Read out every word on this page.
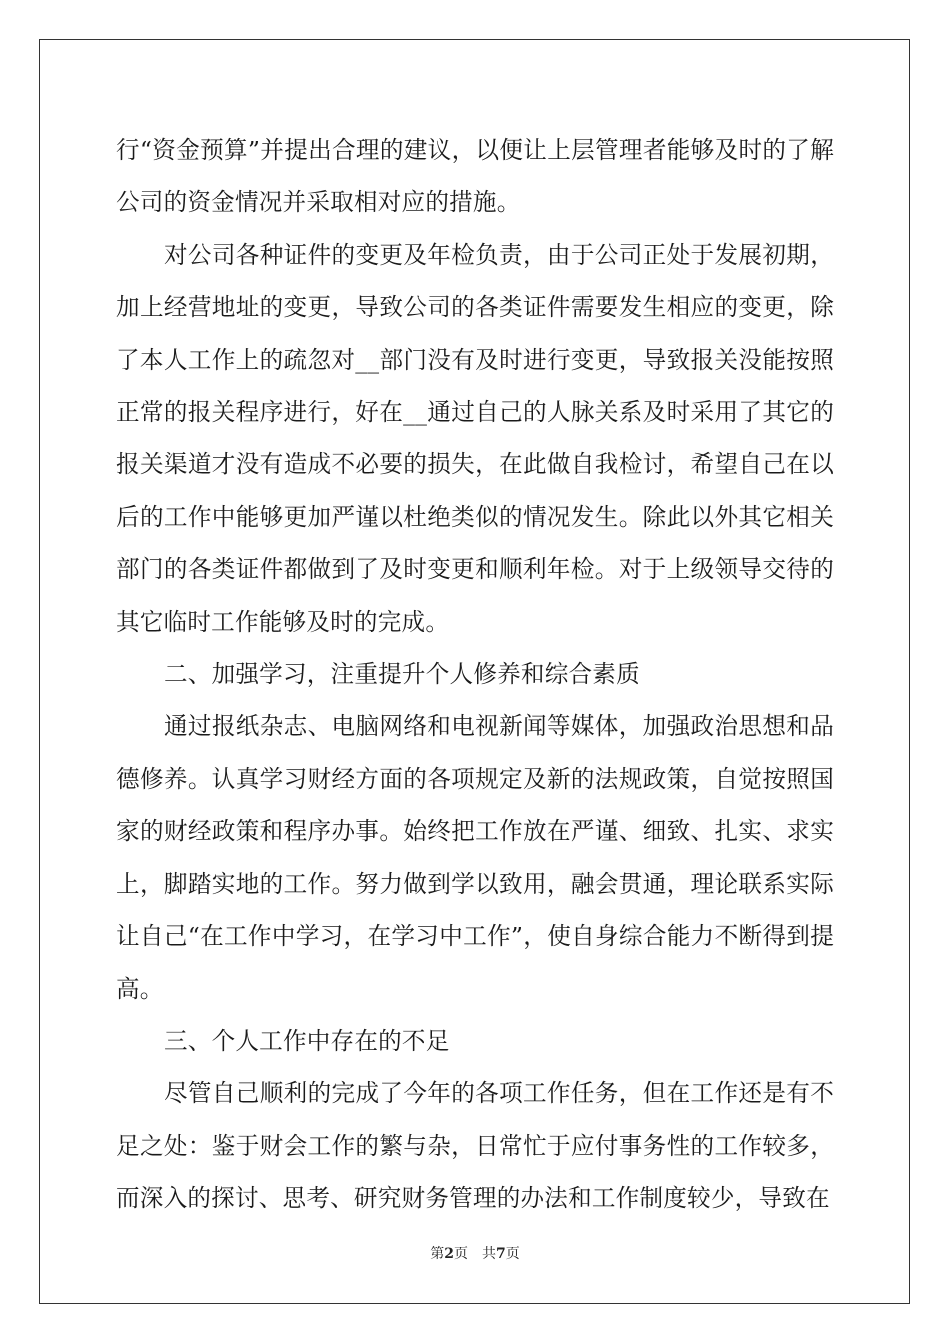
行“资金预算”并提出合理的建议，以便让上层管理者能够及时的了解公司的资金情况并采取相对应的措施。

对公司各种证件的变更及年检负责，由于公司正处于发展初期，加上经营地址的变更，导致公司的各类证件需要发生相应的变更，除了本人工作上的疏忽对__部门没有及时进行变更，导致报关没能按照正常的报关程序进行，好在__通过自己的人脉关系及时采用了其它的报关渠道才没有造成不必要的损失，在此做自我检讨，希望自己在以后的工作中能够更加严谨以杜绝类似的情况发生。除此以外其它相关部门的各类证件都做到了及时变更和顺利年检。对于上级领导交待的其它临时工作能够及时的完成。

二、加强学习，注重提升个人修养和综合素质

通过报纸杂志、电脑网络和电视新闻等媒体，加强政治思想和品德修养。认真学习财经方面的各项规定及新的法规政策，自觉按照国家的财经政策和程序办事。始终把工作放在严谨、细致、扎实、求实上，脚踏实地的工作。努力做到学以致用，融会贯通，理论联系实际让自己“在工作中学习，在学习中工作”，使自身综合能力不断得到提高。

三、个人工作中存在的不足

尽管自己顺利的完成了今年的各项工作任务，但在工作还是有不足之处：鉴于财会工作的繁与杂，日常忙于应付事务性的工作较多，而深入的探讨、思考、研究财务管理的办法和工作制度较少，导致在

第2页　共7页
